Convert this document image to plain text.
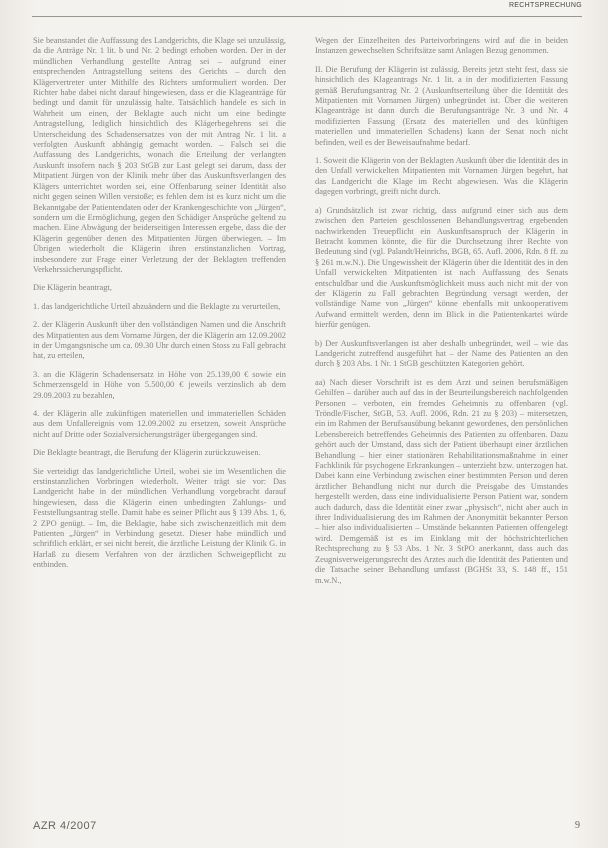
RECHTSPRECHUNG

Sie beanstandet die Auffassung des Landgerichts, die Klage sei unzulässig, da die Anträge Nr. 1 lit. b und Nr. 2 bedingt erhoben worden. Der in der mündlichen Verhandlung gestellte Antrag sei – aufgrund einer entsprechenden Antragstellung seitens des Gerichts – durch den Klägervertreter unter Mithilfe des Richters umformuliert worden. Der Richter habe dabei nicht darauf hingewiesen, dass er die Klageanträge für bedingt und damit für unzulässig halte. Tatsächlich handele es sich in Wahrheit um einen, der Beklagte auch nicht um eine bedingte Antragstellung, lediglich hinsichtlich des Klägerbegehrens sei die Unterscheidung des Schadensersatzes von der mit Antrag Nr. 1 lit. a verfolgten Auskunft abhängig gemacht worden. – Falsch sei die Auffassung des Landgerichts, wonach die Erteilung der verlangten Auskunft insofern nach § 203 StGB zur Last gelegt sei darum, dass der Mitpatient Jürgen von der Klinik mehr über das Auskunftsverlangen des Klägers unterrichtet worden sei, eine Offenbarung seiner Identität also nicht gegen seinen Willen verstoße; es fehlen dem ist es kurz nicht um die Bekanntgabe der Patientendaten oder der Krankengeschichte von „Jürgen“, sondern um die Ermöglichung, gegen den Schädiger Ansprüche geltend zu machen. Eine Abwägung der beiderseitigen Interessen ergebe, dass die der Klägerin gegenüber denen des Mitpatienten Jürgen überwiegen. – Im Übrigen wiederholt die Klägerin ihren erstinstanzlichen Vortrag, insbesondere zur Frage einer Verletzung der der Beklagten treffenden Verkehrssicherungspflicht.

Die Klägerin beantragt,

1. das landgerichtliche Urteil abzuändern und die Beklagte zu verurteilen,
2. der Klägerin Auskunft über den vollständigen Namen und die Anschrift des Mitpatienten aus dem Vorname Jürgen, der die Klägerin am 12.09.2002 in der Umgangsnische um ca. 09.30 Uhr durch einen Stoss zu Fall gebracht hat, zu erteilen,
3. an die Klägerin Schadensersatz in Höhe von 25.139,00 € sowie ein Schmerzensgeld in Höhe von 5.500,00 € jeweils verzinslich ab dem 29.09.2003 zu bezahlen,
4. der Klägerin alle zukünftigen materiellen und immateriellen Schäden aus dem Unfallereignis vom 12.09.2002 zu ersetzen, soweit Ansprüche nicht auf Dritte oder Sozialversicherungsträger übergegangen sind.

Die Beklagte beantragt, die Berufung der Klägerin zurückzuweisen.

Sie verteidigt das landgerichtliche Urteil, wobei sie im Wesentlichen die erstinstanzlichen Vorbringen wiederholt. Weiter trägt sie vor: Das Landgericht habe in der mündlichen Verhandlung vorgebracht darauf hingewiesen, dass die Klägerin einen unbedingten Zahlungs- und Feststellungsantrag stelle. Damit habe es seiner Pflicht aus § 139 Abs. 1, 6, 2 ZPO genügt. – Im, die Beklagte, habe sich zwischenzeitlich mit dem Patienten „Jürgen“ in Verbindung gesetzt. Dieser habe mündlich und schriftlich erklärt, er sei nicht bereit, die ärztliche Leistung der Klinik G. in Harlaß zu diesem Verfahren von der ärztlichen Schweigepflicht zu entbinden.

Wegen der Einzelheiten des Parteivorbringens wird auf die in beiden Instanzen gewechselten Schriftsätze samt Anlagen Bezug genommen.

II. Die Berufung der Klägerin ist zulässig. Bereits jetzt steht fest, dass sie hinsichtlich des Klageantrags Nr. 1 lit. a in der modifizierten Fassung gemäß Berufungsantrag Nr. 2 (Auskunftserteilung über die Identität des Mitpatienten mit Vornamen Jürgen) unbegründet ist. Über die weiteren Klageanträge ist dann durch die Berufungsanträge Nr. 3 und Nr. 4 modifizierten Fassung (Ersatz des materiellen und des künftigen materiellen und immateriellen Schadens) kann der Senat noch nicht befinden, weil es der Beweisaufnahme bedarf.

1. Soweit die Klägerin von der Beklagten Auskunft über die Identität des in den Unfall verwickelten Mitpatienten mit Vornamen Jürgen begehrt, hat das Landgericht die Klage im Recht abgewiesen. Was die Klägerin dagegen vorbringt, greift nicht durch.

a) Grundsätzlich ist zwar richtig, dass aufgrund einer sich aus dem zwischen den Parteien geschlossenen Behandlungsvertrag ergebenden nachwirkenden Treuepflicht ein Auskunftsanspruch der Klägerin in Betracht kommen könnte, die für die Durchsetzung ihrer Rechte von Bedeutung sind (vgl. Palandt/Heinrichs, BGB, 65. Aufl. 2006, Rdn. 8 ff. zu § 261 m.w.N.). Die Ungewissheit der Klägerin über die Identität des in den Unfall verwickelten Mitpatienten ist nach Auffassung des Senats entschuldbar und die Auskunftsmöglichkeit muss auch nicht mit der von der Klägerin zu Fall gebrachten Begründung versagt werden, der vollständige Name von „Jürgen“ könne ebenfalls mit unkooperativem Aufwand ermittelt werden, denn im Blick in die Patientenkartei würde hierfür genügen.

b) Der Auskunftsverlangen ist aber deshalb unbegründet, weil – wie das Landgericht zutreffend ausgeführt hat – der Name des Patienten an den durch § 203 Abs. 1 Nr. 1 StGB geschützten Kategorien gehört.

aa) Nach dieser Vorschrift ist es dem Arzt und seinen berufsmäßigen Gehilfen – darüber auch auf das in der Beurteilungsbereich nachfolgenden Personen – verboten, ein fremdes Geheimnis zu offenbaren (vgl. Tröndle/Fischer, StGB, 53. Aufl. 2006, Rdn. 21 zu § 203) – mitersetzen, ein im Rahmen der Berufsausübung bekannt gewordenes, den persönlichen Lebensbereich betreffendes Geheimnis des Patienten zu offenbaren. Dazu gehört auch der Umstand, dass sich der Patient überhaupt einer ärztlichen Behandlung – hier einer stationären Rehabilitationsmaßnahme in einer Fachklinik für psychogene Erkrankungen – unterzieht bzw. unterzogen hat. Dabei kann eine Verbindung zwischen einer bestimmten Person und deren ärztlicher Behandlung nicht nur durch die Preisgabe des Umstandes hergestellt werden, dass eine individualisierte Person Patient war, sondern auch dadurch, dass die Identität einer zwar „physisch“, nicht aber auch in ihrer Individualisierung des im Rahmen der Anonymität bekannter Person – hier also individualisierten – Umstände bekannten Patienten offengelegt wird. Demgemäß ist es im Einklang mit der höchstrichterlichen Rechtsprechung zu § 53 Abs. 1 Nr. 3 StPO anerkannt, dass auch das Zeugnisverweigerungsrecht des Arztes auch die Identität des Patienten und die Tatsache seiner Behandlung umfasst (BGHSt 33, S. 148 ff., 151 m.w.N.,

AZR 4/2007	9
